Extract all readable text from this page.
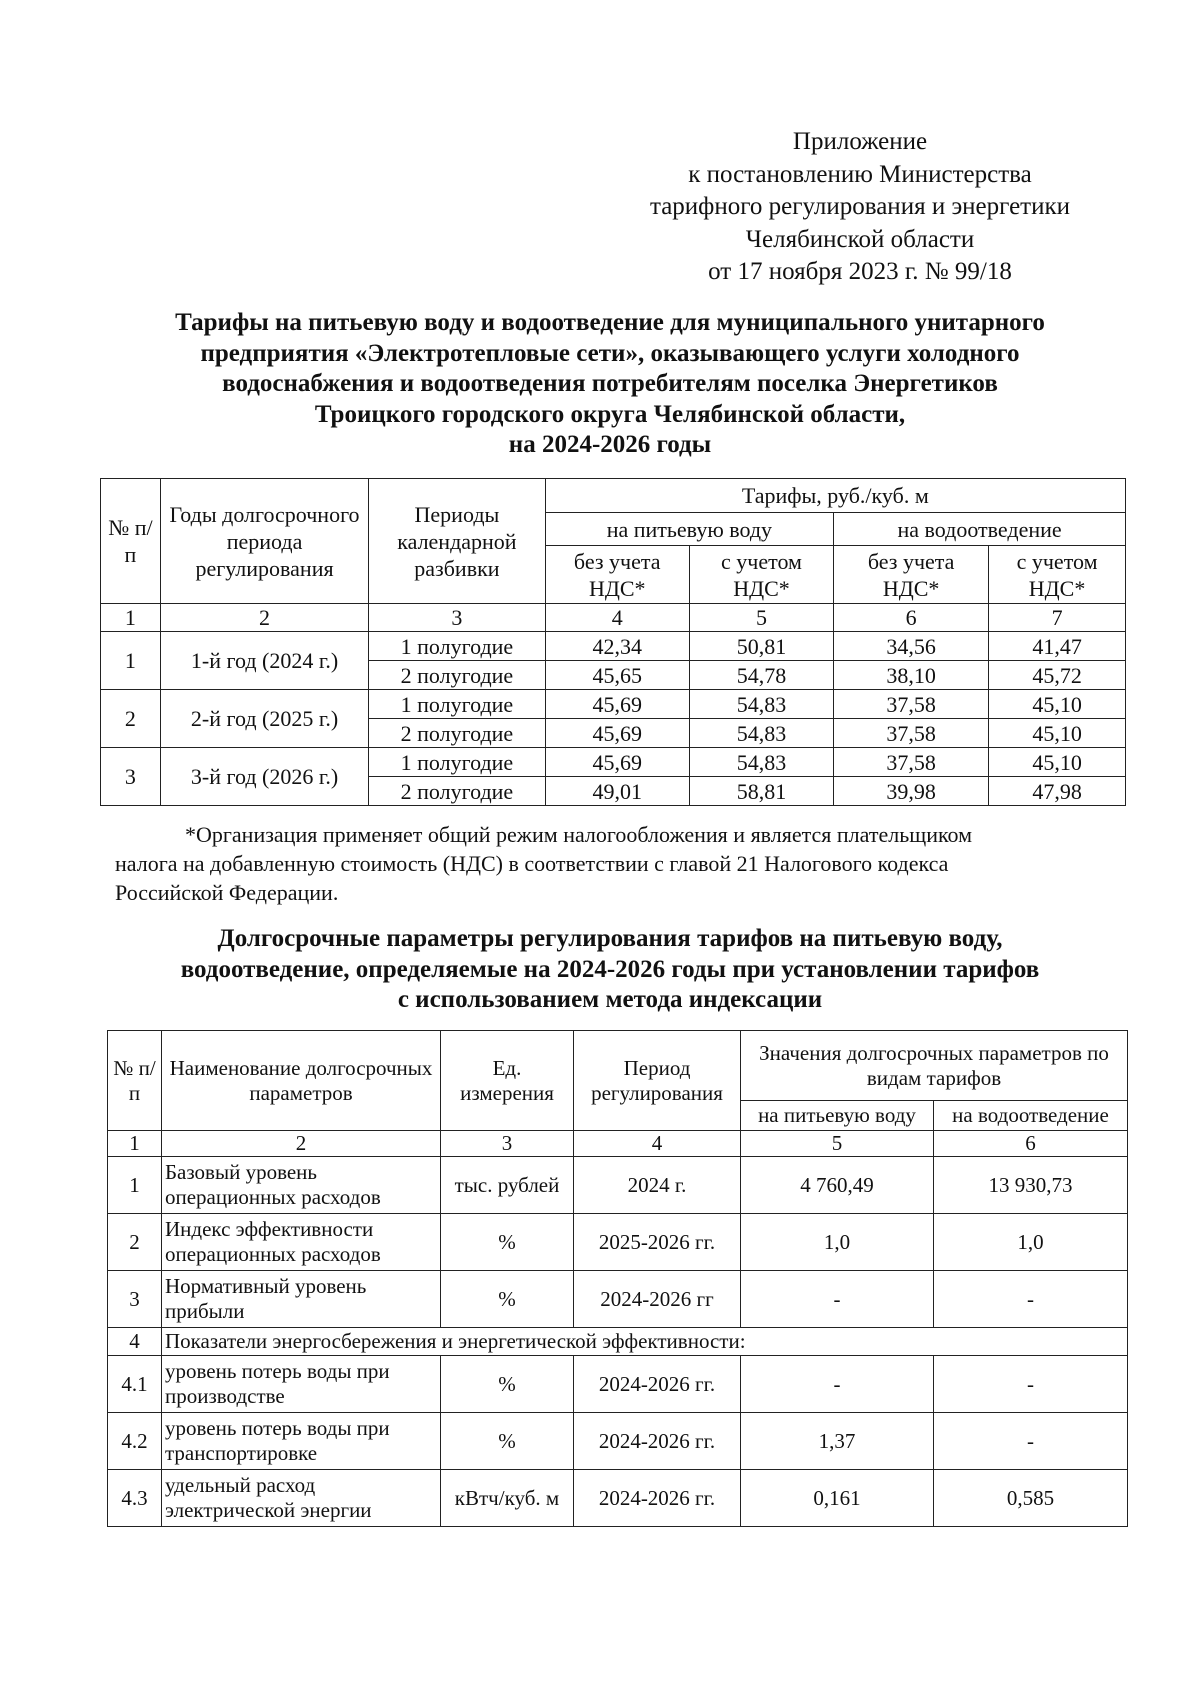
Приложение
к постановлению Министерства
тарифного регулирования и энергетики
Челябинской области
от 17 ноября 2023 г. № 99/18
Тарифы на питьевую воду и водоотведение для муниципального унитарного
предприятия «Электротепловые сети», оказывающего услуги холодного
водоснабжения и водоотведения потребителям поселка Энергетиков
Троицкого городского округа Челябинской области,
на 2024-2026 годы
№ п/п	Годы долгосрочного периода регулирования	Периоды календарной разбивки	Тарифы, руб./куб. м			
			на питьевую воду		на водоотведение	
			без учета НДС*	с учетом НДС*	без учета НДС*	с учетом НДС*
1	2	3	4	5	6	7
1	1-й год (2024 г.)	1 полугодие	42,34	50,81	34,56	41,47
		2 полугодие	45,65	54,78	38,10	45,72
2	2-й год (2025 г.)	1 полугодие	45,69	54,83	37,58	45,10
		2 полугодие	45,69	54,83	37,58	45,10
3	3-й год (2026 г.)	1 полугодие	45,69	54,83	37,58	45,10
		2 полугодие	49,01	58,81	39,98	47,98
*Организация применяет общий режим налогообложения и является плательщиком
налога на добавленную стоимость (НДС) в соответствии с главой 21 Налогового кодекса
Российской Федерации.
Долгосрочные параметры регулирования тарифов на питьевую воду,
водоотведение, определяемые на 2024-2026 годы при установлении тарифов
с использованием метода индексации
№ п/п	Наименование долгосрочных параметров	Ед. измерения	Период регулирования	Значения долгосрочных параметров по видам тарифов	
				на питьевую воду	на водоотведение
1	2	3	4	5	6
1	Базовый уровень операционных расходов	тыс. рублей	2024 г.	4 760,49	13 930,73
2	Индекс эффективности операционных расходов	%	2025-2026 гг.	1,0	1,0
3	Нормативный уровень прибыли	%	2024-2026 гг	-	-
4	Показатели энергосбережения и энергетической эффективности:				
4.1	уровень потерь воды при производстве	%	2024-2026 гг.	-	-
4.2	уровень потерь воды при транспортировке	%	2024-2026 гг.	1,37	-
4.3	удельный расход электрической энергии	кВтч/куб. м	2024-2026 гг.	0,161	0,585
